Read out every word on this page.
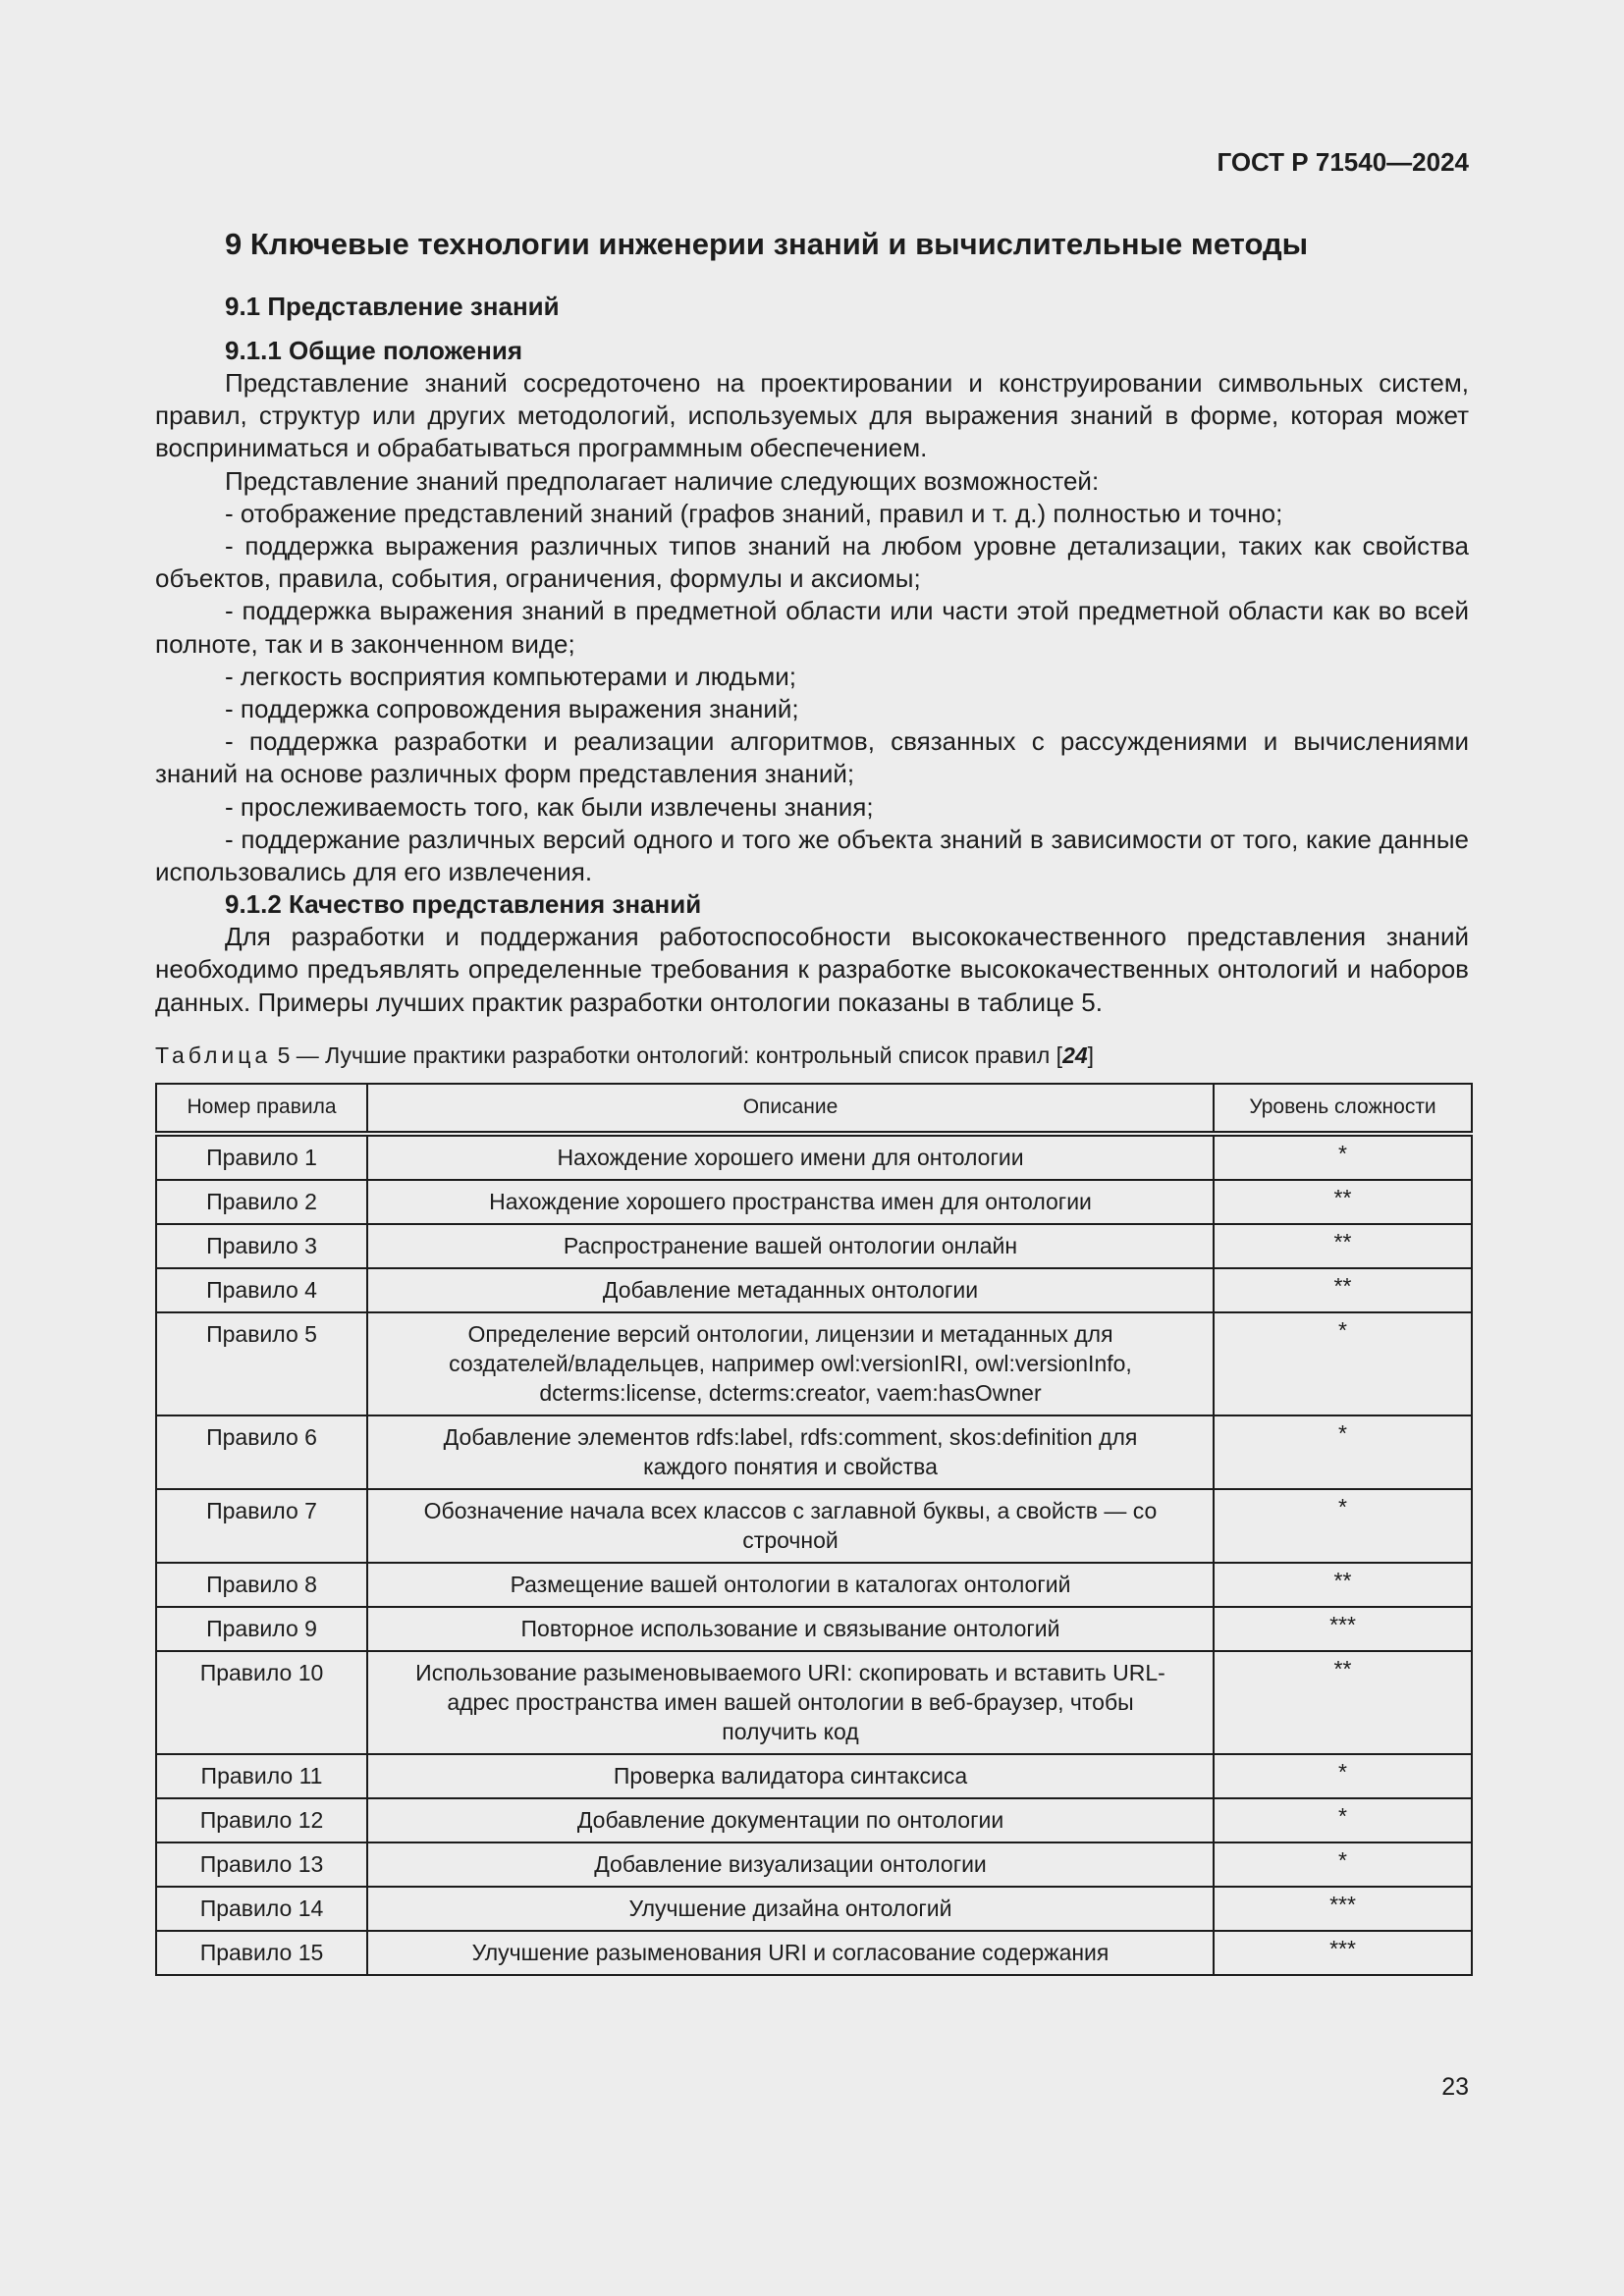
ГОСТ Р 71540—2024
9 Ключевые технологии инженерии знаний и вычислительные методы
9.1 Представление знаний
9.1.1 Общие положения

Представление знаний сосредоточено на проектировании и конструировании символьных систем, правил, структур или других методологий, используемых для выражения знаний в форме, которая может восприниматься и обрабатываться программным обеспечением.

Представление знаний предполагает наличие следующих возможностей:

- отображение представлений знаний (графов знаний, правил и т. д.) полностью и точно;

- поддержка выражения различных типов знаний на любом уровне детализации, таких как свойства объектов, правила, события, ограничения, формулы и аксиомы;

- поддержка выражения знаний в предметной области или части этой предметной области как во всей полноте, так и в законченном виде;

- легкость восприятия компьютерами и людьми;

- поддержка сопровождения выражения знаний;

- поддержка разработки и реализации алгоритмов, связанных с рассуждениями и вычислениями знаний на основе различных форм представления знаний;

- прослеживаемость того, как были извлечены знания;

- поддержание различных версий одного и того же объекта знаний в зависимости от того, какие данные использовались для его извлечения.

9.1.2 Качество представления знаний

Для разработки и поддержания работоспособности высококачественного представления знаний необходимо предъявлять определенные требования к разработке высококачественных онтологий и наборов данных. Примеры лучших практик разработки онтологии показаны в таблице 5.

Таблица 5 — Лучшие практики разработки онтологий: контрольный список правил [24]
Номер правила	Описание	Уровень сложности
Правило 1	Нахождение хорошего имени для онтологии	*
Правило 2	Нахождение хорошего пространства имен для онтологии	**
Правило 3	Распространение вашей онтологии онлайн	**
Правило 4	Добавление метаданных онтологии	**
Правило 5	Определение версий онтологии, лицензии и метаданных для создателей/владельцев, например owl:versionIRI, owl:versionInfo, dcterms:license, dcterms:creator, vaem:hasOwner	*
Правило 6	Добавление элементов rdfs:label, rdfs:comment, skos:definition для каждого понятия и свойства	*
Правило 7	Обозначение начала всех классов с заглавной буквы, а свойств — со строчной	*
Правило 8	Размещение вашей онтологии в каталогах онтологий	**
Правило 9	Повторное использование и связывание онтологий	***
Правило 10	Использование разыменовываемого URI: скопировать и вставить URL-адрес пространства имен вашей онтологии в веб-браузер, чтобы получить код	**
Правило 11	Проверка валидатора синтаксиса	*
Правило 12	Добавление документации по онтологии	*
Правило 13	Добавление визуализации онтологии	*
Правило 14	Улучшение дизайна онтологий	***
Правило 15	Улучшение разыменования URI и согласование содержания	***
23
